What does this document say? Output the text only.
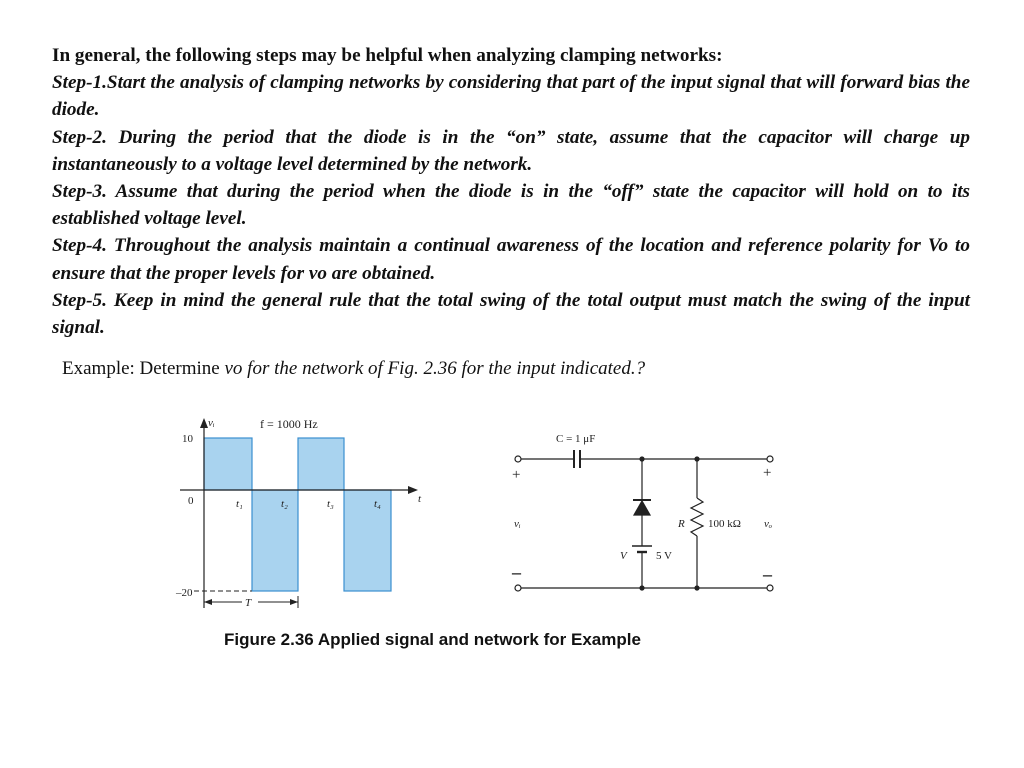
In general, the following steps may be helpful when analyzing clamping networks:

Step-1.Start the analysis of clamping networks by considering that part of the input signal that will forward bias the diode.

Step-2. During the period that the diode is in the “on” state, assume that the capacitor will charge up instantaneously to a voltage level determined by the network.

Step-3. Assume that during the period when the diode is in the “off” state the capacitor will hold on to its established voltage level.

Step-4. Throughout the analysis maintain a continual awareness of the location and reference polarity for Vo to ensure that the proper levels for vo are obtained.

Step-5. Keep in mind the general rule that the total swing of the total output must match the swing of the input signal.

Example: Determine vo for the network of Fig. 2.36 for the input indicated.?
vᵢ	f = 1000 Hz
10
0
–20
t
t₁	t₂	t₃	t₄
T
C = 1 μF
+
–
vᵢ	R 100 kΩ
V	5 V
+
–
vₒ
Figure 2.36 Applied signal and network for Example
